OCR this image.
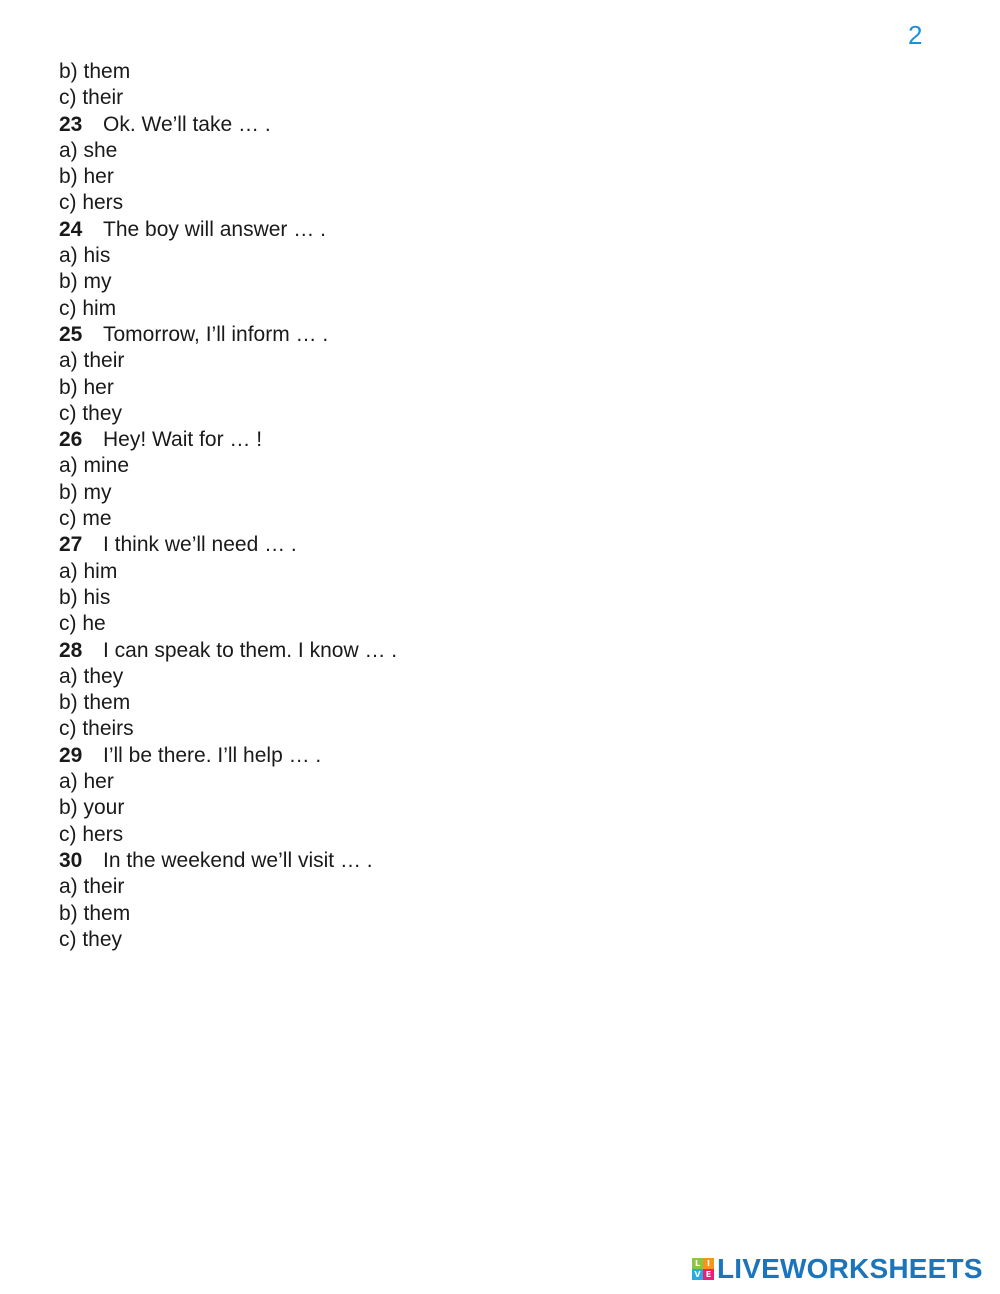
2
b) them
c) their
23 Ok. We’ll take … .
a) she
b) her
c) hers
24 The boy will answer … .
a) his
b) my
c) him
25 Tomorrow, I’ll inform … .
a) their
b) her
c) they
26 Hey! Wait for … !
a) mine
b) my
c) me
27 I think we’ll need … .
a) him
b) his
c) he
28 I can speak to them. I know … .
a) they
b) them
c) theirs
29 I’ll be there. I’ll help … .
a) her
b) your
c) hers
30 In the weekend we’ll visit … .
a) their
b) them
c) they
L I
V E LIVEWORKSHEETS
